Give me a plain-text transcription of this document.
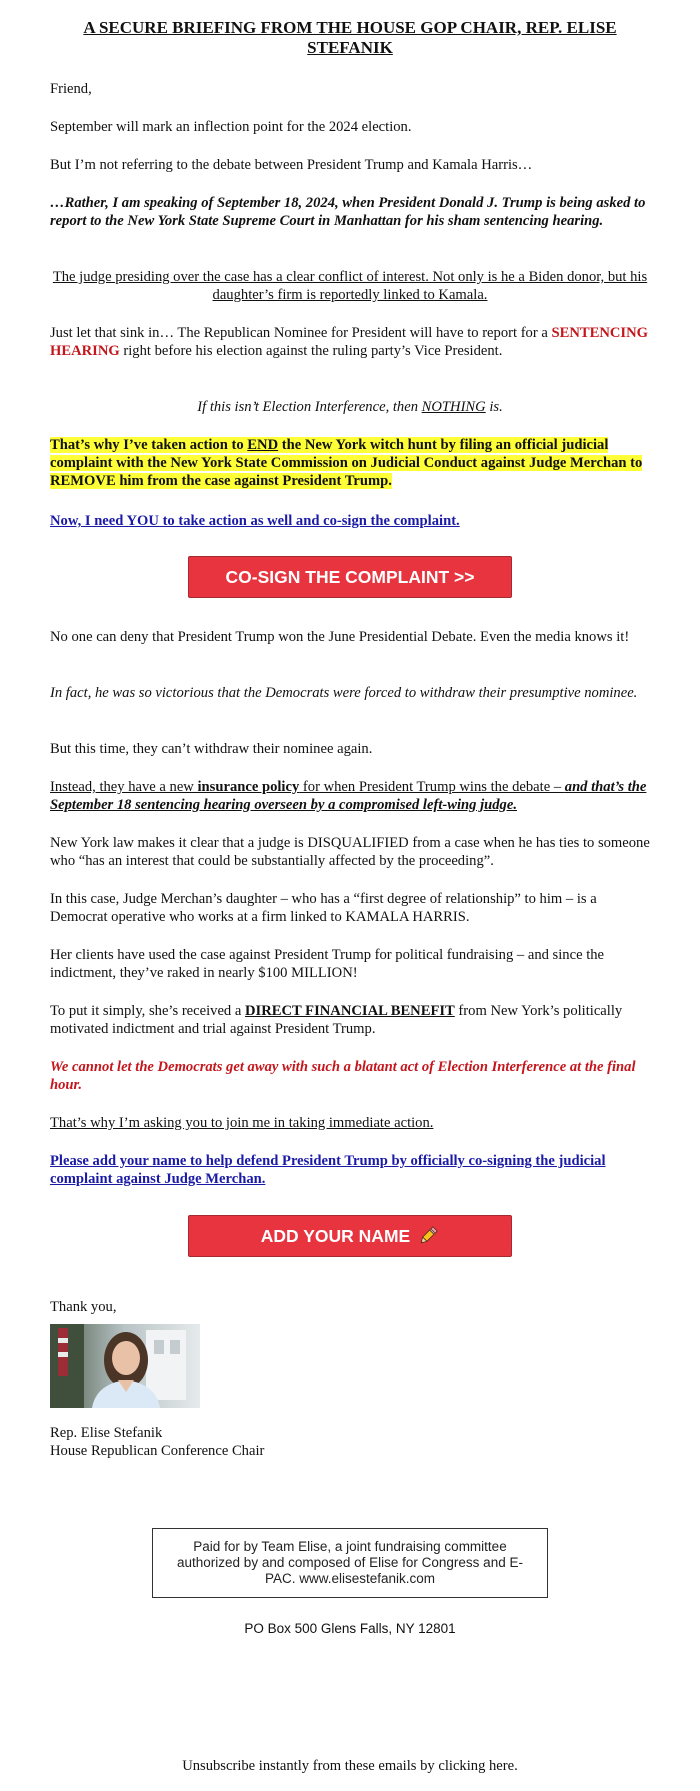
A SECURE BRIEFING FROM THE HOUSE GOP CHAIR, REP. ELISE STEFANIK

Friend,

September will mark an inflection point for the 2024 election.

But I’m not referring to the debate between President Trump and Kamala Harris…

…Rather, I am speaking of September 18, 2024, when President Donald J. Trump is being asked to report to the New York State Supreme Court in Manhattan for his sham sentencing hearing.

The judge presiding over the case has a clear conflict of interest. Not only is he a Biden donor, but his daughter’s firm is reportedly linked to Kamala.

Just let that sink in… The Republican Nominee for President will have to report for a SENTENCING HEARING right before his election against the ruling party’s Vice President.

If this isn’t Election Interference, then NOTHING is.

That’s why I’ve taken action to END the New York witch hunt by filing an official judicial complaint with the New York State Commission on Judicial Conduct against Judge Merchan to REMOVE him from the case against President Trump.

Now, I need YOU to take action as well and co-sign the complaint.

CO-SIGN THE COMPLAINT >>

No one can deny that President Trump won the June Presidential Debate. Even the media knows it!

In fact, he was so victorious that the Democrats were forced to withdraw their presumptive nominee.

But this time, they can’t withdraw their nominee again.

Instead, they have a new insurance policy for when President Trump wins the debate – and that’s the September 18 sentencing hearing overseen by a compromised left-wing judge.

New York law makes it clear that a judge is DISQUALIFIED from a case when he has ties to someone who “has an interest that could be substantially affected by the proceeding”.

In this case, Judge Merchan’s daughter – who has a “first degree of relationship” to him – is a Democrat operative who works at a firm linked to KAMALA HARRIS.

Her clients have used the case against President Trump for political fundraising – and since the indictment, they’ve raked in nearly $100 MILLION!

To put it simply, she’s received a DIRECT FINANCIAL BENEFIT from New York’s politically motivated indictment and trial against President Trump.

We cannot let the Democrats get away with such a blatant act of Election Interference at the final hour.

That’s why I’m asking you to join me in taking immediate action.

Please add your name to help defend President Trump by officially co-signing the judicial complaint against Judge Merchan.

ADD YOUR NAME

Thank you,

Rep. Elise Stefanik

House Republican Conference Chair

Paid for by Team Elise, a joint fundraising committee authorized by and composed of Elise for Congress and E-PAC. www.elisestefanik.com

PO Box 500 Glens Falls, NY 12801

Unsubscribe instantly from these emails by clicking here.
